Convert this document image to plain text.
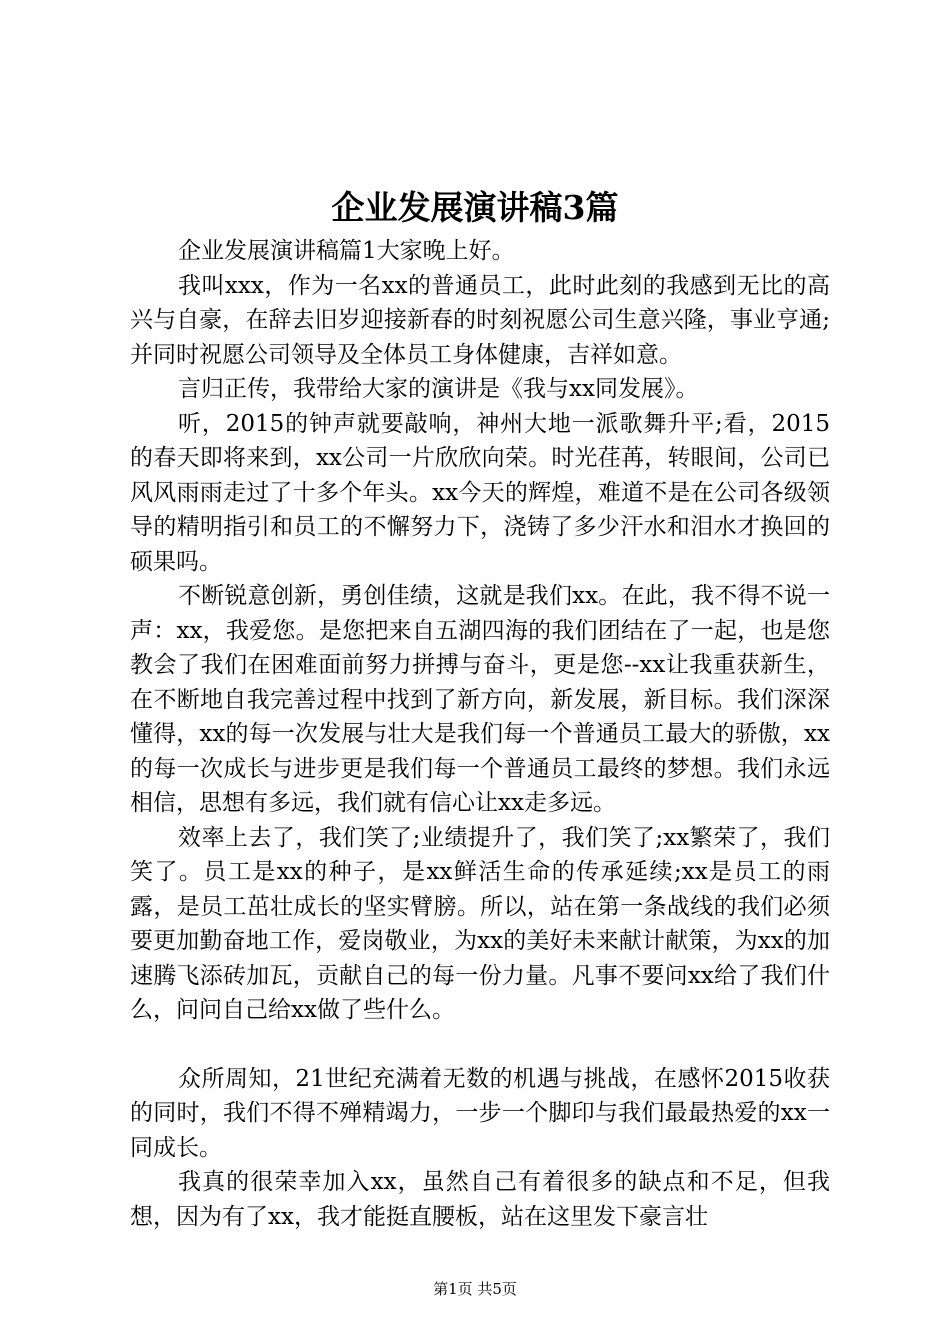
企业发展演讲稿3篇

企业发展演讲稿篇1大家晚上好。

我叫xxx，作为一名xx的普通员工，此时此刻的我感到无比的高兴与自豪，在辞去旧岁迎接新春的时刻祝愿公司生意兴隆，事业亨通;并同时祝愿公司领导及全体员工身体健康，吉祥如意。

言归正传，我带给大家的演讲是《我与xx同发展》。

听，2015的钟声就要敲响，神州大地一派歌舞升平;看，2015的春天即将来到，xx公司一片欣欣向荣。时光荏苒，转眼间，公司已风风雨雨走过了十多个年头。xx今天的辉煌，难道不是在公司各级领导的精明指引和员工的不懈努力下，浇铸了多少汗水和泪水才换回的硕果吗。

不断锐意创新，勇创佳绩，这就是我们xx。在此，我不得不说一声：xx，我爱您。是您把来自五湖四海的我们团结在了一起，也是您教会了我们在困难面前努力拼搏与奋斗，更是您--xx让我重获新生，在不断地自我完善过程中找到了新方向，新发展，新目标。我们深深懂得，xx的每一次发展与壮大是我们每一个普通员工最大的骄傲，xx的每一次成长与进步更是我们每一个普通员工最终的梦想。我们永远相信，思想有多远，我们就有信心让xx走多远。

效率上去了，我们笑了;业绩提升了，我们笑了;xx繁荣了，我们笑了。员工是xx的种子，是xx鲜活生命的传承延续;xx是员工的雨露，是员工茁壮成长的坚实臂膀。所以，站在第一条战线的我们必须要更加勤奋地工作，爱岗敬业，为xx的美好未来献计献策，为xx的加速腾飞添砖加瓦，贡献自己的每一份力量。凡事不要问xx给了我们什么，问问自己给xx做了些什么。

众所周知，21世纪充满着无数的机遇与挑战，在感怀2015收获的同时，我们不得不殚精竭力，一步一个脚印与我们最最热爱的xx一同成长。

我真的很荣幸加入xx，虽然自己有着很多的缺点和不足，但我想，因为有了xx，我才能挺直腰板，站在这里发下豪言壮

第1页 共5页
